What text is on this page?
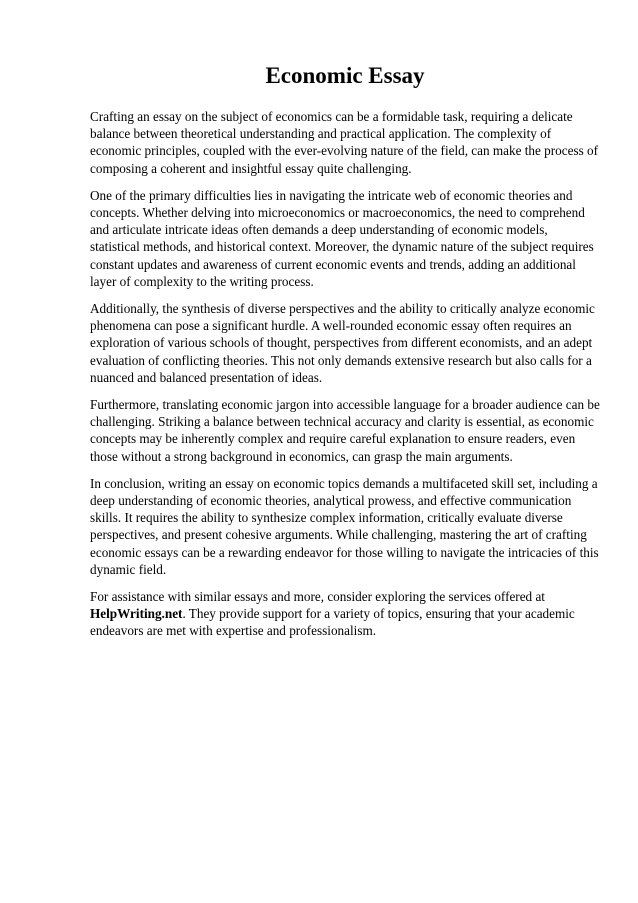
Economic Essay

Crafting an essay on the subject of economics can be a formidable task, requiring a delicate balance between theoretical understanding and practical application. The complexity of economic principles, coupled with the ever-evolving nature of the field, can make the process of composing a coherent and insightful essay quite challenging.

One of the primary difficulties lies in navigating the intricate web of economic theories and concepts. Whether delving into microeconomics or macroeconomics, the need to comprehend and articulate intricate ideas often demands a deep understanding of economic models, statistical methods, and historical context. Moreover, the dynamic nature of the subject requires constant updates and awareness of current economic events and trends, adding an additional layer of complexity to the writing process.

Additionally, the synthesis of diverse perspectives and the ability to critically analyze economic phenomena can pose a significant hurdle. A well-rounded economic essay often requires an exploration of various schools of thought, perspectives from different economists, and an adept evaluation of conflicting theories. This not only demands extensive research but also calls for a nuanced and balanced presentation of ideas.

Furthermore, translating economic jargon into accessible language for a broader audience can be challenging. Striking a balance between technical accuracy and clarity is essential, as economic concepts may be inherently complex and require careful explanation to ensure readers, even those without a strong background in economics, can grasp the main arguments.

In conclusion, writing an essay on economic topics demands a multifaceted skill set, including a deep understanding of economic theories, analytical prowess, and effective communication skills. It requires the ability to synthesize complex information, critically evaluate diverse perspectives, and present cohesive arguments. While challenging, mastering the art of crafting economic essays can be a rewarding endeavor for those willing to navigate the intricacies of this dynamic field.

For assistance with similar essays and more, consider exploring the services offered at
HelpWriting.net. They provide support for a variety of topics, ensuring that your academic endeavors are met with expertise and professionalism.
